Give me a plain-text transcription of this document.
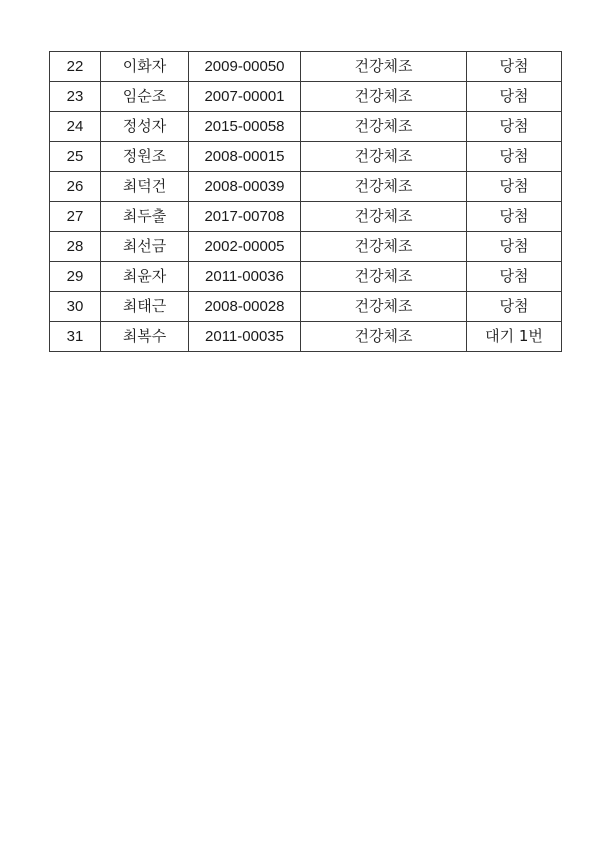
22	이화자	2009-00050	건강체조	당첨
23	임순조	2007-00001	건강체조	당첨
24	정성자	2015-00058	건강체조	당첨
25	정원조	2008-00015	건강체조	당첨
26	최덕건	2008-00039	건강체조	당첨
27	최두출	2017-00708	건강체조	당첨
28	최선금	2002-00005	건강체조	당첨
29	최윤자	2011-00036	건강체조	당첨
30	최태근	2008-00028	건강체조	당첨
31	최복수	2011-00035	건강체조	대기 1번
